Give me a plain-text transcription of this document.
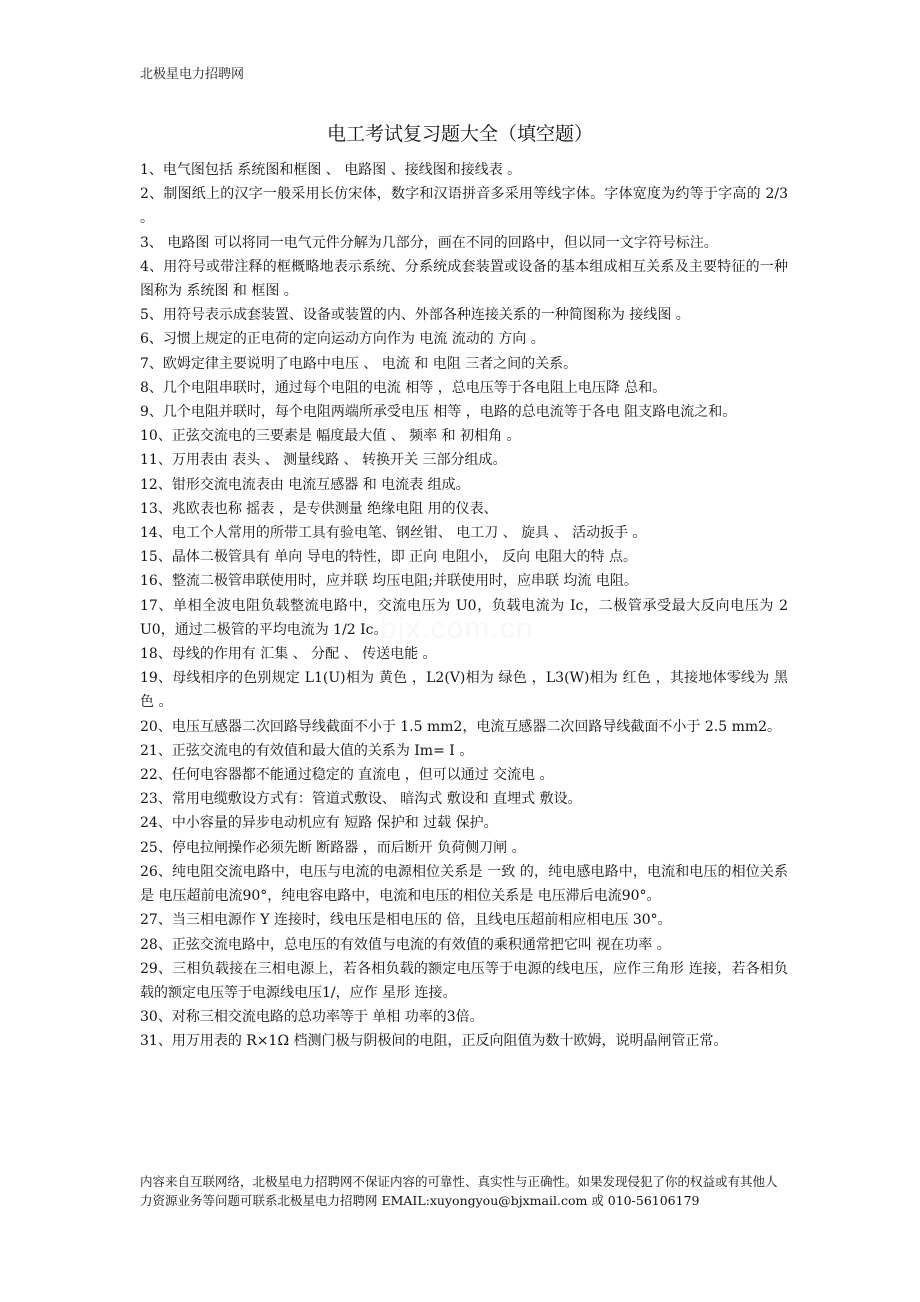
北极星电力招聘网
bjx.com.cn
电工考试复习题大全（填空题）
1、电气图包括 系统图和框图 、 电路图 、接线图和接线表 。
2、制图纸上的汉字一般采用长仿宋体，数字和汉语拼音多采用等线字体。字体宽度为约等于字高的 2/3 。
3、 电路图 可以将同一电气元件分解为几部分，画在不同的回路中，但以同一文字符号标注。
4、用符号或带注释的框概略地表示系统、分系统成套装置或设备的基本组成相互关系及主要特征的一种图称为 系统图 和 框图 。
5、用符号表示成套装置、设备或装置的内、外部各种连接关系的一种简图称为 接线图 。
6、习惯上规定的正电荷的定向运动方向作为 电流 流动的 方向 。
7、欧姆定律主要说明了电路中电压 、 电流 和 电阻 三者之间的关系。
8、几个电阻串联时，通过每个电阻的电流 相等 ，总电压等于各电阻上电压降 总和。
9、几个电阻并联时，每个电阻两端所承受电压 相等 ，电路的总电流等于各电 阻支路电流之和。
10、正弦交流电的三要素是 幅度最大值 、 频率 和 初相角 。
11、万用表由 表头 、 测量线路 、 转换开关 三部分组成。
12、钳形交流电流表由 电流互感器 和 电流表 组成。
13、兆欧表也称 摇表 ，是专供测量 绝缘电阻 用的仪表、
14、电工个人常用的所带工具有验电笔、钢丝钳、 电工刀 、 旋具 、 活动扳手 。
15、晶体二极管具有 单向 导电的特性，即 正向 电阻小， 反向 电阻大的特 点。
16、整流二极管串联使用时，应并联 均压电阻;并联使用时，应串联 均流 电阻。
17、单相全波电阻负载整流电路中，交流电压为 U0，负载电流为 Ic，二极管承受最大反向电压为 2 U0，通过二极管的平均电流为 1/2 Ic。
18、母线的作用有 汇集 、 分配 、 传送电能 。
19、母线相序的色别规定 L1(U)相为 黄色 ，L2(V)相为 绿色 ，L3(W)相为 红色 ，其接地体零线为 黑色 。
20、电压互感器二次回路导线截面不小于 1.5 mm2，电流互感器二次回路导线截面不小于 2.5 mm2。
21、正弦交流电的有效值和最大值的关系为 Im= I 。
22、任何电容器都不能通过稳定的 直流电 ，但可以通过 交流电 。
23、常用电缆敷设方式有：管道式敷设、 暗沟式 敷设和 直埋式 敷设。
24、中小容量的异步电动机应有 短路 保护和 过载 保护。
25、停电拉闸操作必须先断 断路器 ，而后断开 负荷侧刀闸 。
26、纯电阻交流电路中，电压与电流的电源相位关系是 一致 的，纯电感电路中，电流和电压的相位关系是 电压超前电流90°，纯电容电路中，电流和电压的相位关系是 电压滞后电流90°。
27、当三相电源作 Y 连接时，线电压是相电压的 倍，且线电压超前相应相电压 30°。
28、正弦交流电路中，总电压的有效值与电流的有效值的乘积通常把它叫 视在功率 。
29、三相负载接在三相电源上，若各相负载的额定电压等于电源的线电压，应作三角形 连接，若各相负载的额定电压等于电源线电压1/，应作 星形 连接。
30、对称三相交流电路的总功率等于 单相 功率的3倍。
31、用万用表的 R×1Ω 档测门极与阴极间的电阻，正反向阻值为数十欧姆，说明晶闸管正常。
内容来自互联网络，北极星电力招聘网不保证内容的可靠性、真实性与正确性。如果发现侵犯了你的权益或有其他人力资源业务等问题可联系北极星电力招聘网 EMAIL:xuyongyou@bjxmail.com 或 010-56106179
